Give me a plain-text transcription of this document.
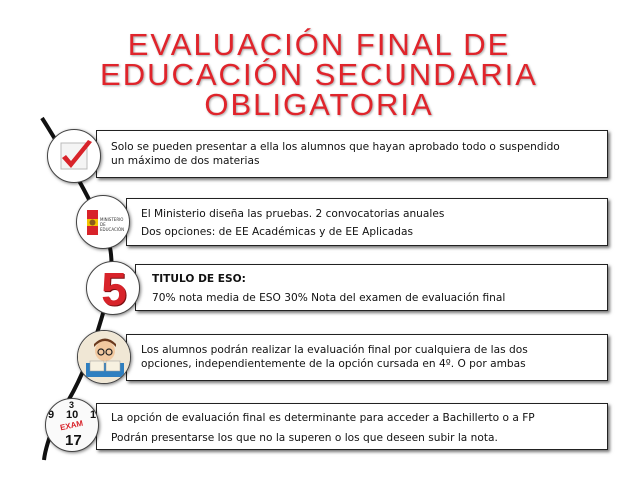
EVALUACIÓN FINAL DE
EDUCACIÓN SECUNDARIA
OBLIGATORIA
Solo se pueden presentar a ella los alumnos que hayan aprobado todo o suspendido
un máximo de dos materias
El Ministerio diseña las pruebas. 2 convocatorias anuales
Dos opciones: de EE Académicas y de EE Aplicadas
MINISTERIO DE EDUCACIÓN
TITULO DE ESO:
70% nota media de ESO 30% Nota del examen de evaluación final
5
Los alumnos podrán realizar la evaluación final por cualquiera de las dos
opciones, independientemente de la opción cursada en 4º. O por ambas
La opción de evaluación final es determinante para acceder a Bachillerto o a FP
Podrán presentarse los que no la superen o los que deseen subir la nota.
3
9 10 1
EXAM
17
